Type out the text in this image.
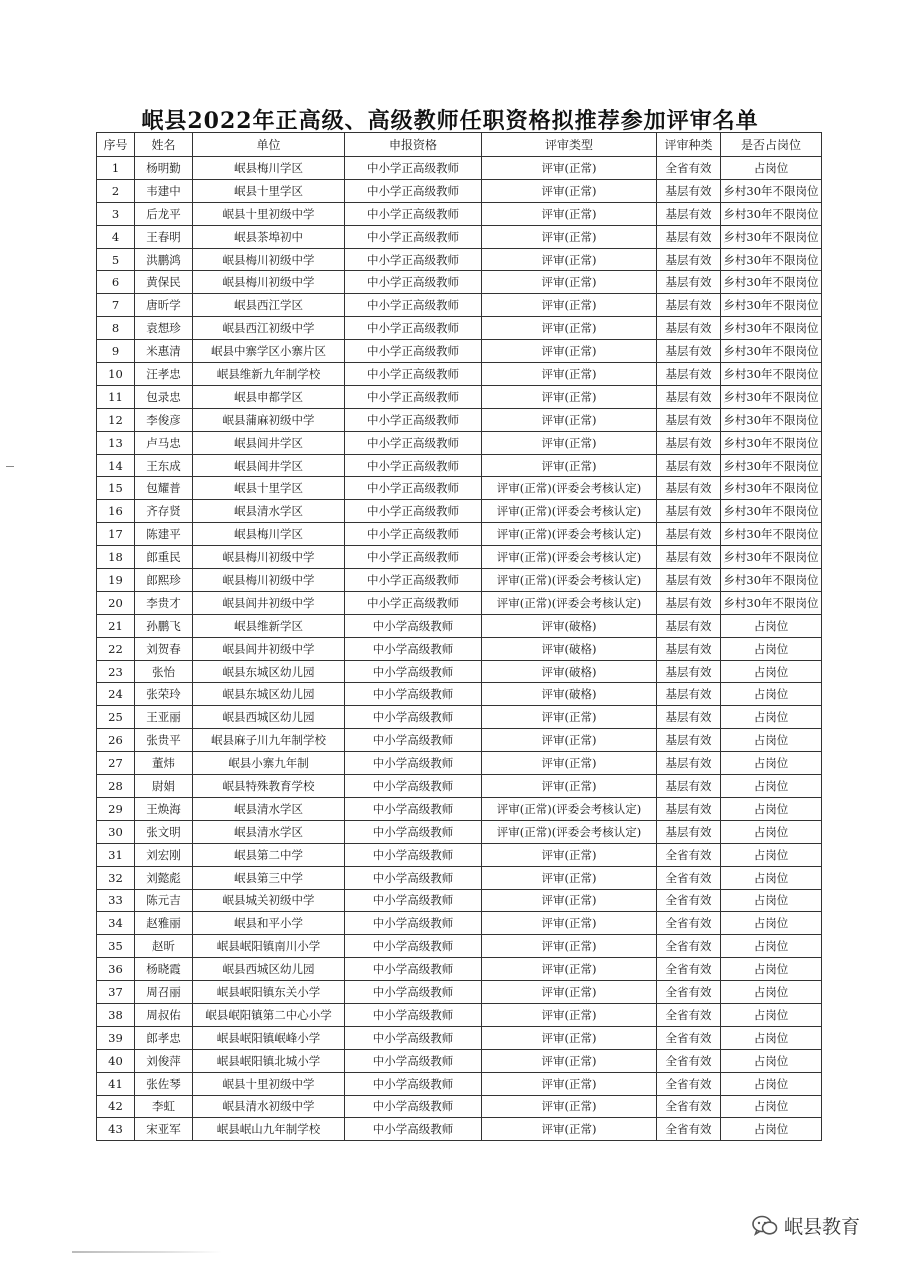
岷县2022年正高级、高级教师任职资格拟推荐参加评审名单
序号	姓名	单位	申报资格	评审类型	评审种类	是否占岗位
1	杨明勤	岷县梅川学区	中小学正高级教师	评审(正常)	全省有效	占岗位
2	韦建中	岷县十里学区	中小学正高级教师	评审(正常)	基层有效	乡村30年不限岗位
3	后龙平	岷县十里初级中学	中小学正高级教师	评审(正常)	基层有效	乡村30年不限岗位
4	王春明	岷县茶埠初中	中小学正高级教师	评审(正常)	基层有效	乡村30年不限岗位
5	洪鹏鸿	岷县梅川初级中学	中小学正高级教师	评审(正常)	基层有效	乡村30年不限岗位
6	黄保民	岷县梅川初级中学	中小学正高级教师	评审(正常)	基层有效	乡村30年不限岗位
7	唐昕学	岷县西江学区	中小学正高级教师	评审(正常)	基层有效	乡村30年不限岗位
8	袁想珍	岷县西江初级中学	中小学正高级教师	评审(正常)	基层有效	乡村30年不限岗位
9	米惠清	岷县中寨学区小寨片区	中小学正高级教师	评审(正常)	基层有效	乡村30年不限岗位
10	汪孝忠	岷县维新九年制学校	中小学正高级教师	评审(正常)	基层有效	乡村30年不限岗位
11	包录忠	岷县申都学区	中小学正高级教师	评审(正常)	基层有效	乡村30年不限岗位
12	李俊彦	岷县蒲麻初级中学	中小学正高级教师	评审(正常)	基层有效	乡村30年不限岗位
13	卢马忠	岷县闾井学区	中小学正高级教师	评审(正常)	基层有效	乡村30年不限岗位
14	王东成	岷县闾井学区	中小学正高级教师	评审(正常)	基层有效	乡村30年不限岗位
15	包耀普	岷县十里学区	中小学正高级教师	评审(正常)(评委会考核认定)	基层有效	乡村30年不限岗位
16	齐存贤	岷县清水学区	中小学正高级教师	评审(正常)(评委会考核认定)	基层有效	乡村30年不限岗位
17	陈建平	岷县梅川学区	中小学正高级教师	评审(正常)(评委会考核认定)	基层有效	乡村30年不限岗位
18	郎重民	岷县梅川初级中学	中小学正高级教师	评审(正常)(评委会考核认定)	基层有效	乡村30年不限岗位
19	郎熙珍	岷县梅川初级中学	中小学正高级教师	评审(正常)(评委会考核认定)	基层有效	乡村30年不限岗位
20	李贵才	岷县闾井初级中学	中小学正高级教师	评审(正常)(评委会考核认定)	基层有效	乡村30年不限岗位
21	孙鹏飞	岷县维新学区	中小学高级教师	评审(破格)	基层有效	占岗位
22	刘贺春	岷县闾井初级中学	中小学高级教师	评审(破格)	基层有效	占岗位
23	张怡	岷县东城区幼儿园	中小学高级教师	评审(破格)	基层有效	占岗位
24	张荣玲	岷县东城区幼儿园	中小学高级教师	评审(破格)	基层有效	占岗位
25	王亚丽	岷县西城区幼儿园	中小学高级教师	评审(正常)	基层有效	占岗位
26	张贵平	岷县麻子川九年制学校	中小学高级教师	评审(正常)	基层有效	占岗位
27	董炜	岷县小寨九年制	中小学高级教师	评审(正常)	基层有效	占岗位
28	尉娟	岷县特殊教育学校	中小学高级教师	评审(正常)	基层有效	占岗位
29	王焕海	岷县清水学区	中小学高级教师	评审(正常)(评委会考核认定)	基层有效	占岗位
30	张文明	岷县清水学区	中小学高级教师	评审(正常)(评委会考核认定)	基层有效	占岗位
31	刘宏刚	岷县第二中学	中小学高级教师	评审(正常)	全省有效	占岗位
32	刘懿彪	岷县第三中学	中小学高级教师	评审(正常)	全省有效	占岗位
33	陈元吉	岷县城关初级中学	中小学高级教师	评审(正常)	全省有效	占岗位
34	赵雅丽	岷县和平小学	中小学高级教师	评审(正常)	全省有效	占岗位
35	赵昕	岷县岷阳镇南川小学	中小学高级教师	评审(正常)	全省有效	占岗位
36	杨晓霞	岷县西城区幼儿园	中小学高级教师	评审(正常)	全省有效	占岗位
37	周召丽	岷县岷阳镇东关小学	中小学高级教师	评审(正常)	全省有效	占岗位
38	周叔佑	岷县岷阳镇第二中心小学	中小学高级教师	评审(正常)	全省有效	占岗位
39	郎孝忠	岷县岷阳镇岷峰小学	中小学高级教师	评审(正常)	全省有效	占岗位
40	刘俊萍	岷县岷阳镇北城小学	中小学高级教师	评审(正常)	全省有效	占岗位
41	张佐琴	岷县十里初级中学	中小学高级教师	评审(正常)	全省有效	占岗位
42	李虹	岷县清水初级中学	中小学高级教师	评审(正常)	全省有效	占岗位
43	宋亚军	岷县岷山九年制学校	中小学高级教师	评审(正常)	全省有效	占岗位
岷县教育
